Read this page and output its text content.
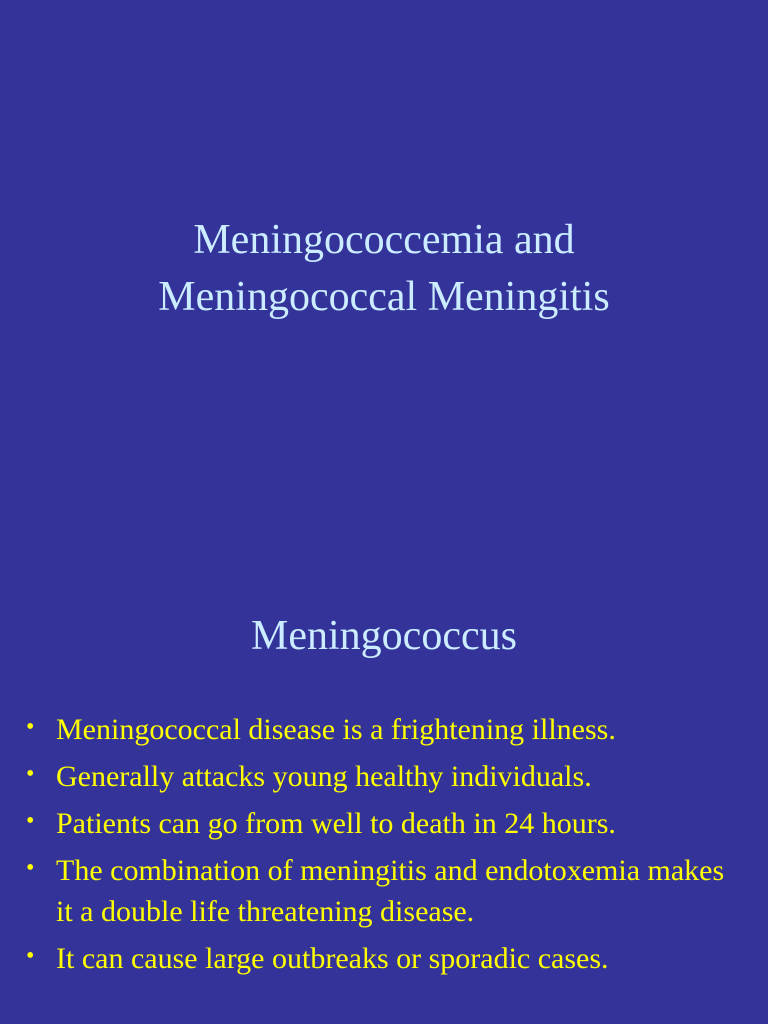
Meningococcemia and
Meningococcal Meningitis
Meningococcus
• Meningococcal disease is a frightening illness.
• Generally attacks young healthy individuals.
• Patients can go from well to death in 24 hours.
• The combination of meningitis and endotoxemia makes it a double life threatening disease.
• It can cause large outbreaks or sporadic cases.
